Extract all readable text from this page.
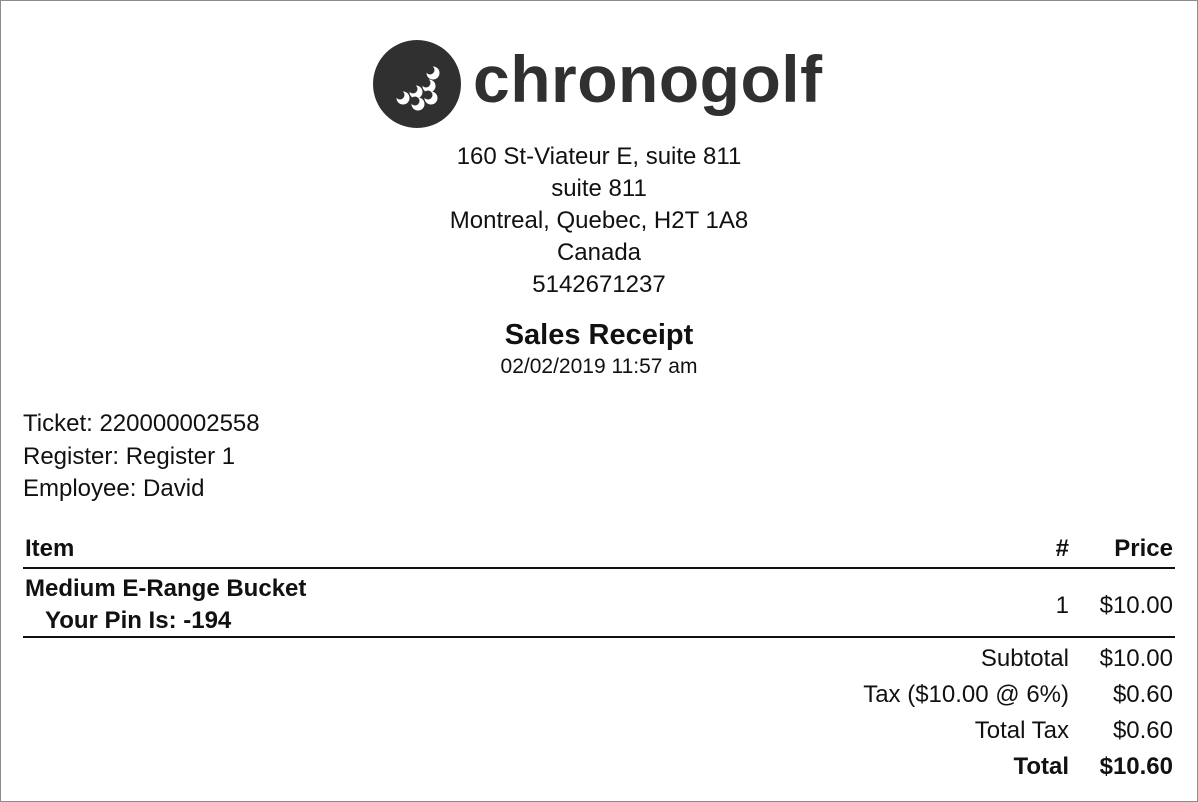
chronogolf
160 St-Viateur E, suite 811
suite 811
Montreal, Quebec, H2T 1A8
Canada
5142671237
Sales Receipt
02/02/2019 11:57 am
Ticket: 220000002558
Register: Register 1
Employee: David
Item	# Price
Medium E-Range Bucket
Your Pin Is: -194
1 $10.00
Subtotal $10.00
Tax ($10.00 @ 6%) $0.60
Total Tax $0.60
Total $10.60
